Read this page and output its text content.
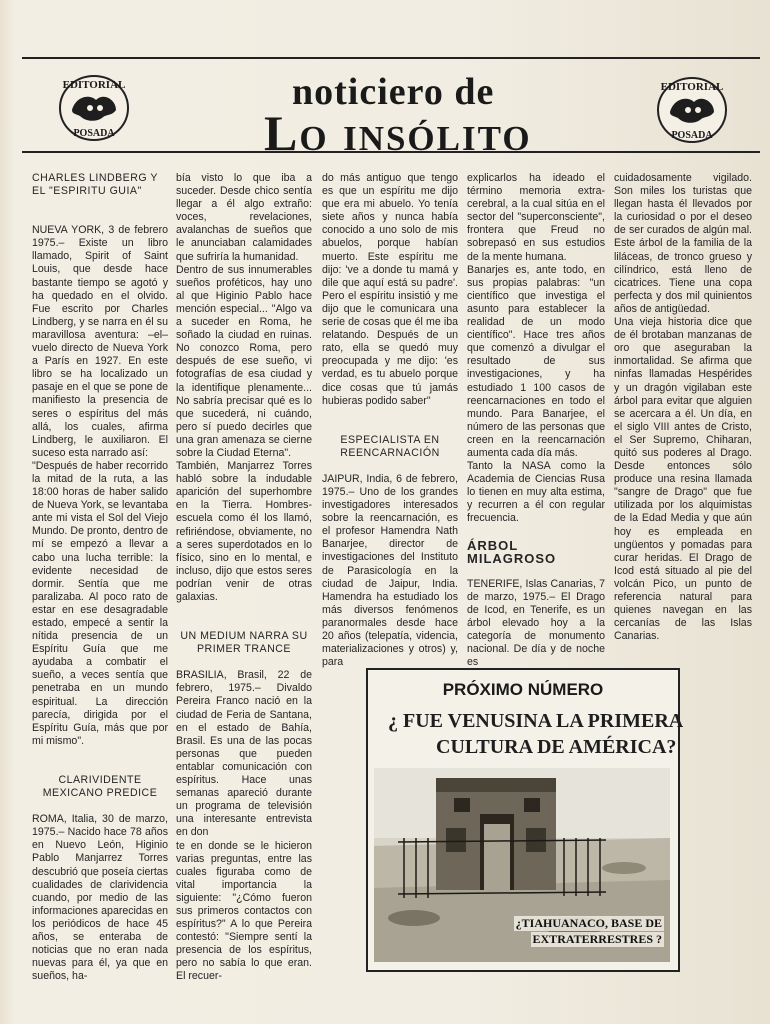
EDITORIAL
POSADA
EDITORIAL
POSADA
noticiero de
Lo insólito

CHARLES LINDBERG Y EL "ESPIRITU GUIA"

NUEVA YORK, 3 de febrero 1975.– Existe un libro llamado, Spirit of Saint Louis, que desde hace bastante tiempo se agotó y ha quedado en el olvido. Fue escrito por Charles Lindberg, y se narra en él su maravillosa aventura: –el– vuelo directo de Nueva York a París en 1927. En este libro se ha localizado un pasaje en el que se pone de manifiesto la presencia de seres o espíritus del más allá, los cuales, afirma Lindberg, le auxiliaron. El suceso esta narrado así:

"Después de haber recorrido la mitad de la ruta, a las 18:00 horas de haber salido de Nueva York, se levantaba ante mi vista el Sol del Viejo Mundo. De pronto, dentro de mí se empezó a llevar a cabo una lucha terrible: la evidente necesidad de dormir. Sentía que me paralizaba. Al poco rato de estar en ese desagradable estado, empecé a sentir la nítida presencia de un Espíritu Guía que me ayudaba a combatir el sueño, a veces sentía que penetraba en un mundo espiritual. La dirección parecía, dirigida por el Espíritu Guía, más que por mi mismo".

CLARIVIDENTE MEXICANO PREDICE

ROMA, Italia, 30 de marzo, 1975.– Nacido hace 78 años en Nuevo León, Higinio Pablo Manjarrez Torres descubrió que poseía ciertas cualidades de clarividencia cuando, por medio de las informaciones aparecidas en los periódicos de hace 45 años, se enteraba de noticias que no eran nada nuevas para él, ya que en sueños, ha-

bía visto lo que iba a suceder. Desde chico sentía llegar a él algo extraño: voces, revelaciones, avalanchas de sueños que le anunciaban calamidades que sufriría la humanidad.

Dentro de sus innumerables sueños proféticos, hay uno al que Higinio Pablo hace mención especial... "Algo va a suceder en Roma, he soñado la ciudad en ruinas. No conozco Roma, pero después de ese sueño, vi fotografías de esa ciudad y la identifique plenamente... No sabría precisar qué es lo que sucederá, ni cuándo, pero sí puedo decirles que una gran amenaza se cierne sobre la Ciudad Eterna".

También, Manjarrez Torres habló sobre la indudable aparición del superhombre en la Tierra. Hombres-escuela como él los llamó, refiriéndose, obviamente, no a seres superdotados en lo físico, sino en lo mental, e incluso, dijo que estos seres podrían venir de otras galaxias.

UN MEDIUM NARRA SU PRIMER TRANCE

BRASILIA, Brasil, 22 de febrero, 1975.– Divaldo Pereira Franco nació en la ciudad de Feria de Santana, en el estado de Bahía, Brasil. Es una de las pocas personas que pueden entablar comunicación con espíritus. Hace unas semanas apareció durante un programa de televisión una interesante entrevista en don

te en donde se le hicieron varias preguntas, entre las cuales figuraba como de vital importancia la siguiente: "¿Cómo fueron sus primeros contactos con espíritus?" A lo que Pereira contestó: "Siempre sentí la presencia de los espíritus, pero no sabía lo que eran. El recuer-

do más antiguo que tengo es que un espíritu me dijo que era mi abuelo. Yo tenía siete años y nunca había conocido a uno solo de mis abuelos, porque habían muerto. Este espíritu me dijo: 've a donde tu mamá y dile que aquí está su padre'. Pero el espíritu insistió y me dijo que le comunicara una serie de cosas que él me iba relatando. Después de un rato, ella se quedó muy preocupada y me dijo: 'es verdad, es tu abuelo porque dice cosas que tú jamás hubieras podido saber"

ESPECIALISTA EN REENCARNACIÓN

JAIPUR, India, 6 de febrero, 1975.– Uno de los grandes investigadores interesados sobre la reencarnación, es el profesor Hamendra Nath Banarjee, director de investigaciones del Instituto de Parasicología en la ciudad de Jaipur, India. Hamendra ha estudiado los más diversos fenómenos paranormales desde hace 20 años (telepatía, videncia, materializaciones y otros) y, para

explicarlos ha ideado el término memoria extra-cerebral, a la cual sitúa en el sector del "superconsciente", frontera que Freud no sobrepasó en sus estudios de la mente humana.

Banarjes es, ante todo, en sus propias palabras: "un científico que investiga el asunto para establecer la realidad de un modo científico". Hace tres años que comenzó a divulgar el resultado de sus investigaciones, y ha estudiado 1 100 casos de reencarnaciones en todo el mundo. Para Banarjee, el número de las personas que creen en la reencarnación aumenta cada día más.

Tanto la NASA como la Academia de Ciencias Rusa lo tienen en muy alta estima, y recurren a él con regular frecuencia.

ÁRBOL MILAGROSO

TENERIFE, Islas Canarias, 7 de marzo, 1975.– El Drago de Icod, en Tenerife, es un árbol elevado hoy a la categoría de monumento nacional. De día y de noche es

cuidadosamente vigilado. Son miles los turistas que llegan hasta él llevados por la curiosidad o por el deseo de ser curados de algún mal. Este árbol de la familia de la liláceas, de tronco grueso y cilíndrico, está lleno de cicatrices. Tiene una copa perfecta y dos mil quinientos años de antigüedad.

Una vieja historia dice que de él brotaban manzanas de oro que aseguraban la inmortalidad. Se afirma que ninfas llamadas Hespérides y un dragón vigilaban este árbol para evitar que alguien se acercara a él. Un día, en el siglo VIII antes de Cristo, el Ser Supremo, Chiharan, quitó sus poderes al Drago. Desde entonces sólo produce una resina llamada "sangre de Drago" que fue utilizada por los alquimistas de la Edad Media y que aún hoy es empleada en ungüentos y pomadas para curar heridas. El Drago de Icod está situado al pie del volcán Pico, un punto de referencia natural para quienes navegan en las cercanías de las Islas Canarias.

PRÓXIMO NÚMERO
¿ FUE VENUSINA LA PRIMERA
CULTURA DE AMÉRICA?
¿TIAHUANACO, BASE DE
EXTRATERRESTRES ?
